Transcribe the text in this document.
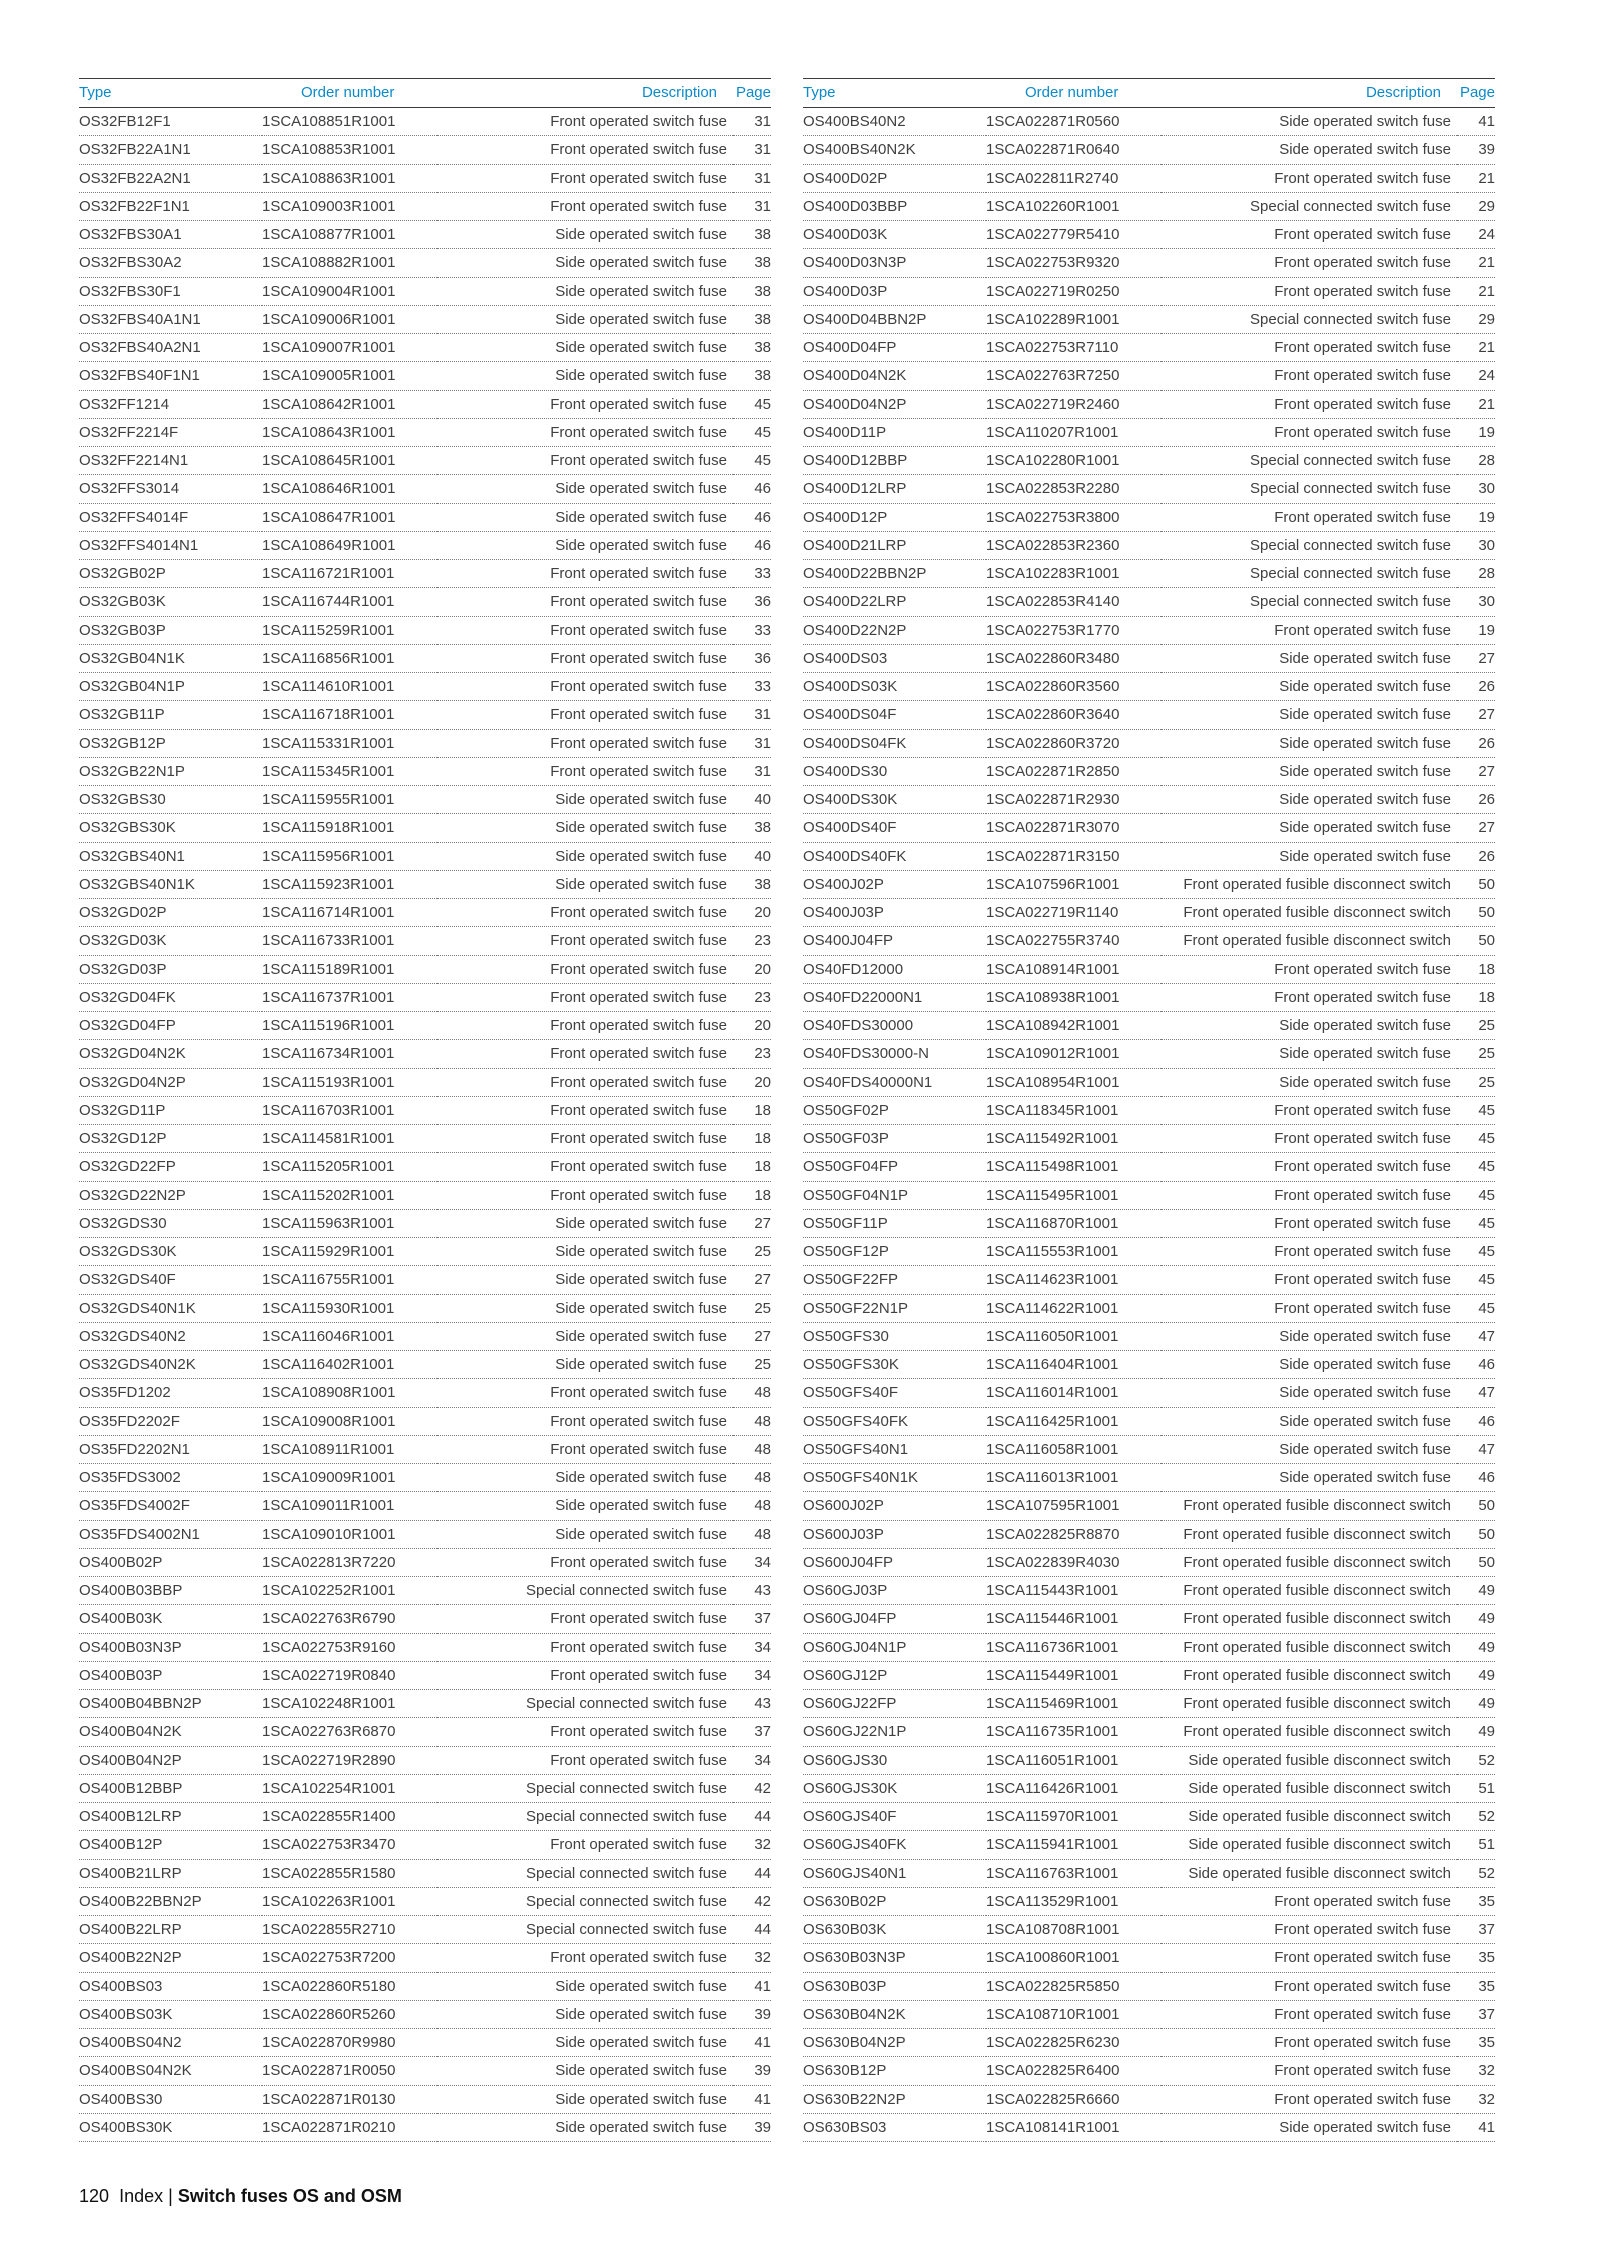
Type	Order number	Description Page
OS32FB12F1	1SCA108851R1001	Front operated switch fuse	31
OS32FB22A1N1	1SCA108853R1001	Front operated switch fuse	31
OS32FB22A2N1	1SCA108863R1001	Front operated switch fuse	31
OS32FB22F1N1	1SCA109003R1001	Front operated switch fuse	31
OS32FBS30A1	1SCA108877R1001	Side operated switch fuse	38
OS32FBS30A2	1SCA108882R1001	Side operated switch fuse	38
OS32FBS30F1	1SCA109004R1001	Side operated switch fuse	38
OS32FBS40A1N1	1SCA109006R1001	Side operated switch fuse	38
OS32FBS40A2N1	1SCA109007R1001	Side operated switch fuse	38
OS32FBS40F1N1	1SCA109005R1001	Side operated switch fuse	38
OS32FF1214	1SCA108642R1001	Front operated switch fuse	45
OS32FF2214F	1SCA108643R1001	Front operated switch fuse	45
OS32FF2214N1	1SCA108645R1001	Front operated switch fuse	45
OS32FFS3014	1SCA108646R1001	Side operated switch fuse	46
OS32FFS4014F	1SCA108647R1001	Side operated switch fuse	46
OS32FFS4014N1	1SCA108649R1001	Side operated switch fuse	46
OS32GB02P	1SCA116721R1001	Front operated switch fuse	33
OS32GB03K	1SCA116744R1001	Front operated switch fuse	36
OS32GB03P	1SCA115259R1001	Front operated switch fuse	33
OS32GB04N1K	1SCA116856R1001	Front operated switch fuse	36
OS32GB04N1P	1SCA114610R1001	Front operated switch fuse	33
OS32GB11P	1SCA116718R1001	Front operated switch fuse	31
OS32GB12P	1SCA115331R1001	Front operated switch fuse	31
OS32GB22N1P	1SCA115345R1001	Front operated switch fuse	31
OS32GBS30	1SCA115955R1001	Side operated switch fuse	40
OS32GBS30K	1SCA115918R1001	Side operated switch fuse	38
OS32GBS40N1	1SCA115956R1001	Side operated switch fuse	40
OS32GBS40N1K	1SCA115923R1001	Side operated switch fuse	38
OS32GD02P	1SCA116714R1001	Front operated switch fuse	20
OS32GD03K	1SCA116733R1001	Front operated switch fuse	23
OS32GD03P	1SCA115189R1001	Front operated switch fuse	20
OS32GD04FK	1SCA116737R1001	Front operated switch fuse	23
OS32GD04FP	1SCA115196R1001	Front operated switch fuse	20
OS32GD04N2K	1SCA116734R1001	Front operated switch fuse	23
OS32GD04N2P	1SCA115193R1001	Front operated switch fuse	20
OS32GD11P	1SCA116703R1001	Front operated switch fuse	18
OS32GD12P	1SCA114581R1001	Front operated switch fuse	18
OS32GD22FP	1SCA115205R1001	Front operated switch fuse	18
OS32GD22N2P	1SCA115202R1001	Front operated switch fuse	18
OS32GDS30	1SCA115963R1001	Side operated switch fuse	27
OS32GDS30K	1SCA115929R1001	Side operated switch fuse	25
OS32GDS40F	1SCA116755R1001	Side operated switch fuse	27
OS32GDS40N1K	1SCA115930R1001	Side operated switch fuse	25
OS32GDS40N2	1SCA116046R1001	Side operated switch fuse	27
OS32GDS40N2K	1SCA116402R1001	Side operated switch fuse	25
OS35FD1202	1SCA108908R1001	Front operated switch fuse	48
OS35FD2202F	1SCA109008R1001	Front operated switch fuse	48
OS35FD2202N1	1SCA108911R1001	Front operated switch fuse	48
OS35FDS3002	1SCA109009R1001	Side operated switch fuse	48
OS35FDS4002F	1SCA109011R1001	Side operated switch fuse	48
OS35FDS4002N1	1SCA109010R1001	Side operated switch fuse	48
OS400B02P	1SCA022813R7220	Front operated switch fuse	34
OS400B03BBP	1SCA102252R1001	Special connected switch fuse	43
OS400B03K	1SCA022763R6790	Front operated switch fuse	37
OS400B03N3P	1SCA022753R9160	Front operated switch fuse	34
OS400B03P	1SCA022719R0840	Front operated switch fuse	34
OS400B04BBN2P	1SCA102248R1001	Special connected switch fuse	43
OS400B04N2K	1SCA022763R6870	Front operated switch fuse	37
OS400B04N2P	1SCA022719R2890	Front operated switch fuse	34
OS400B12BBP	1SCA102254R1001	Special connected switch fuse	42
OS400B12LRP	1SCA022855R1400	Special connected switch fuse	44
OS400B12P	1SCA022753R3470	Front operated switch fuse	32
OS400B21LRP	1SCA022855R1580	Special connected switch fuse	44
OS400B22BBN2P	1SCA102263R1001	Special connected switch fuse	42
OS400B22LRP	1SCA022855R2710	Special connected switch fuse	44
OS400B22N2P	1SCA022753R7200	Front operated switch fuse	32
OS400BS03	1SCA022860R5180	Side operated switch fuse	41
OS400BS03K	1SCA022860R5260	Side operated switch fuse	39
OS400BS04N2	1SCA022870R9980	Side operated switch fuse	41
OS400BS04N2K	1SCA022871R0050	Side operated switch fuse	39
OS400BS30	1SCA022871R0130	Side operated switch fuse	41
OS400BS30K	1SCA022871R0210	Side operated switch fuse	39
Type	Order number	Description Page
OS400BS40N2	1SCA022871R0560	Side operated switch fuse	41
OS400BS40N2K	1SCA022871R0640	Side operated switch fuse	39
OS400D02P	1SCA022811R2740	Front operated switch fuse	21
OS400D03BBP	1SCA102260R1001	Special connected switch fuse	29
OS400D03K	1SCA022779R5410	Front operated switch fuse	24
OS400D03N3P	1SCA022753R9320	Front operated switch fuse	21
OS400D03P	1SCA022719R0250	Front operated switch fuse	21
OS400D04BBN2P	1SCA102289R1001	Special connected switch fuse	29
OS400D04FP	1SCA022753R7110	Front operated switch fuse	21
OS400D04N2K	1SCA022763R7250	Front operated switch fuse	24
OS400D04N2P	1SCA022719R2460	Front operated switch fuse	21
OS400D11P	1SCA110207R1001	Front operated switch fuse	19
OS400D12BBP	1SCA102280R1001	Special connected switch fuse	28
OS400D12LRP	1SCA022853R2280	Special connected switch fuse	30
OS400D12P	1SCA022753R3800	Front operated switch fuse	19
OS400D21LRP	1SCA022853R2360	Special connected switch fuse	30
OS400D22BBN2P	1SCA102283R1001	Special connected switch fuse	28
OS400D22LRP	1SCA022853R4140	Special connected switch fuse	30
OS400D22N2P	1SCA022753R1770	Front operated switch fuse	19
OS400DS03	1SCA022860R3480	Side operated switch fuse	27
OS400DS03K	1SCA022860R3560	Side operated switch fuse	26
OS400DS04F	1SCA022860R3640	Side operated switch fuse	27
OS400DS04FK	1SCA022860R3720	Side operated switch fuse	26
OS400DS30	1SCA022871R2850	Side operated switch fuse	27
OS400DS30K	1SCA022871R2930	Side operated switch fuse	26
OS400DS40F	1SCA022871R3070	Side operated switch fuse	27
OS400DS40FK	1SCA022871R3150	Side operated switch fuse	26
OS400J02P	1SCA107596R1001	Front operated fusible disconnect switch	50
OS400J03P	1SCA022719R1140	Front operated fusible disconnect switch	50
OS400J04FP	1SCA022755R3740	Front operated fusible disconnect switch	50
OS40FD12000	1SCA108914R1001	Front operated switch fuse	18
OS40FD22000N1	1SCA108938R1001	Front operated switch fuse	18
OS40FDS30000	1SCA108942R1001	Side operated switch fuse	25
OS40FDS30000-N	1SCA109012R1001	Side operated switch fuse	25
OS40FDS40000N1	1SCA108954R1001	Side operated switch fuse	25
OS50GF02P	1SCA118345R1001	Front operated switch fuse	45
OS50GF03P	1SCA115492R1001	Front operated switch fuse	45
OS50GF04FP	1SCA115498R1001	Front operated switch fuse	45
OS50GF04N1P	1SCA115495R1001	Front operated switch fuse	45
OS50GF11P	1SCA116870R1001	Front operated switch fuse	45
OS50GF12P	1SCA115553R1001	Front operated switch fuse	45
OS50GF22FP	1SCA114623R1001	Front operated switch fuse	45
OS50GF22N1P	1SCA114622R1001	Front operated switch fuse	45
OS50GFS30	1SCA116050R1001	Side operated switch fuse	47
OS50GFS30K	1SCA116404R1001	Side operated switch fuse	46
OS50GFS40F	1SCA116014R1001	Side operated switch fuse	47
OS50GFS40FK	1SCA116425R1001	Side operated switch fuse	46
OS50GFS40N1	1SCA116058R1001	Side operated switch fuse	47
OS50GFS40N1K	1SCA116013R1001	Side operated switch fuse	46
OS600J02P	1SCA107595R1001	Front operated fusible disconnect switch	50
OS600J03P	1SCA022825R8870	Front operated fusible disconnect switch	50
OS600J04FP	1SCA022839R4030	Front operated fusible disconnect switch	50
OS60GJ03P	1SCA115443R1001	Front operated fusible disconnect switch	49
OS60GJ04FP	1SCA115446R1001	Front operated fusible disconnect switch	49
OS60GJ04N1P	1SCA116736R1001	Front operated fusible disconnect switch	49
OS60GJ12P	1SCA115449R1001	Front operated fusible disconnect switch	49
OS60GJ22FP	1SCA115469R1001	Front operated fusible disconnect switch	49
OS60GJ22N1P	1SCA116735R1001	Front operated fusible disconnect switch	49
OS60GJS30	1SCA116051R1001	Side operated fusible disconnect switch	52
OS60GJS30K	1SCA116426R1001	Side operated fusible disconnect switch	51
OS60GJS40F	1SCA115970R1001	Side operated fusible disconnect switch	52
OS60GJS40FK	1SCA115941R1001	Side operated fusible disconnect switch	51
OS60GJS40N1	1SCA116763R1001	Side operated fusible disconnect switch	52
OS630B02P	1SCA113529R1001	Front operated switch fuse	35
OS630B03K	1SCA108708R1001	Front operated switch fuse	37
OS630B03N3P	1SCA100860R1001	Front operated switch fuse	35
OS630B03P	1SCA022825R5850	Front operated switch fuse	35
OS630B04N2K	1SCA108710R1001	Front operated switch fuse	37
OS630B04N2P	1SCA022825R6230	Front operated switch fuse	35
OS630B12P	1SCA022825R6400	Front operated switch fuse	32
OS630B22N2P	1SCA022825R6660	Front operated switch fuse	32
OS630BS03	1SCA108141R1001	Side operated switch fuse	41
120 Index | Switch fuses OS and OSM
